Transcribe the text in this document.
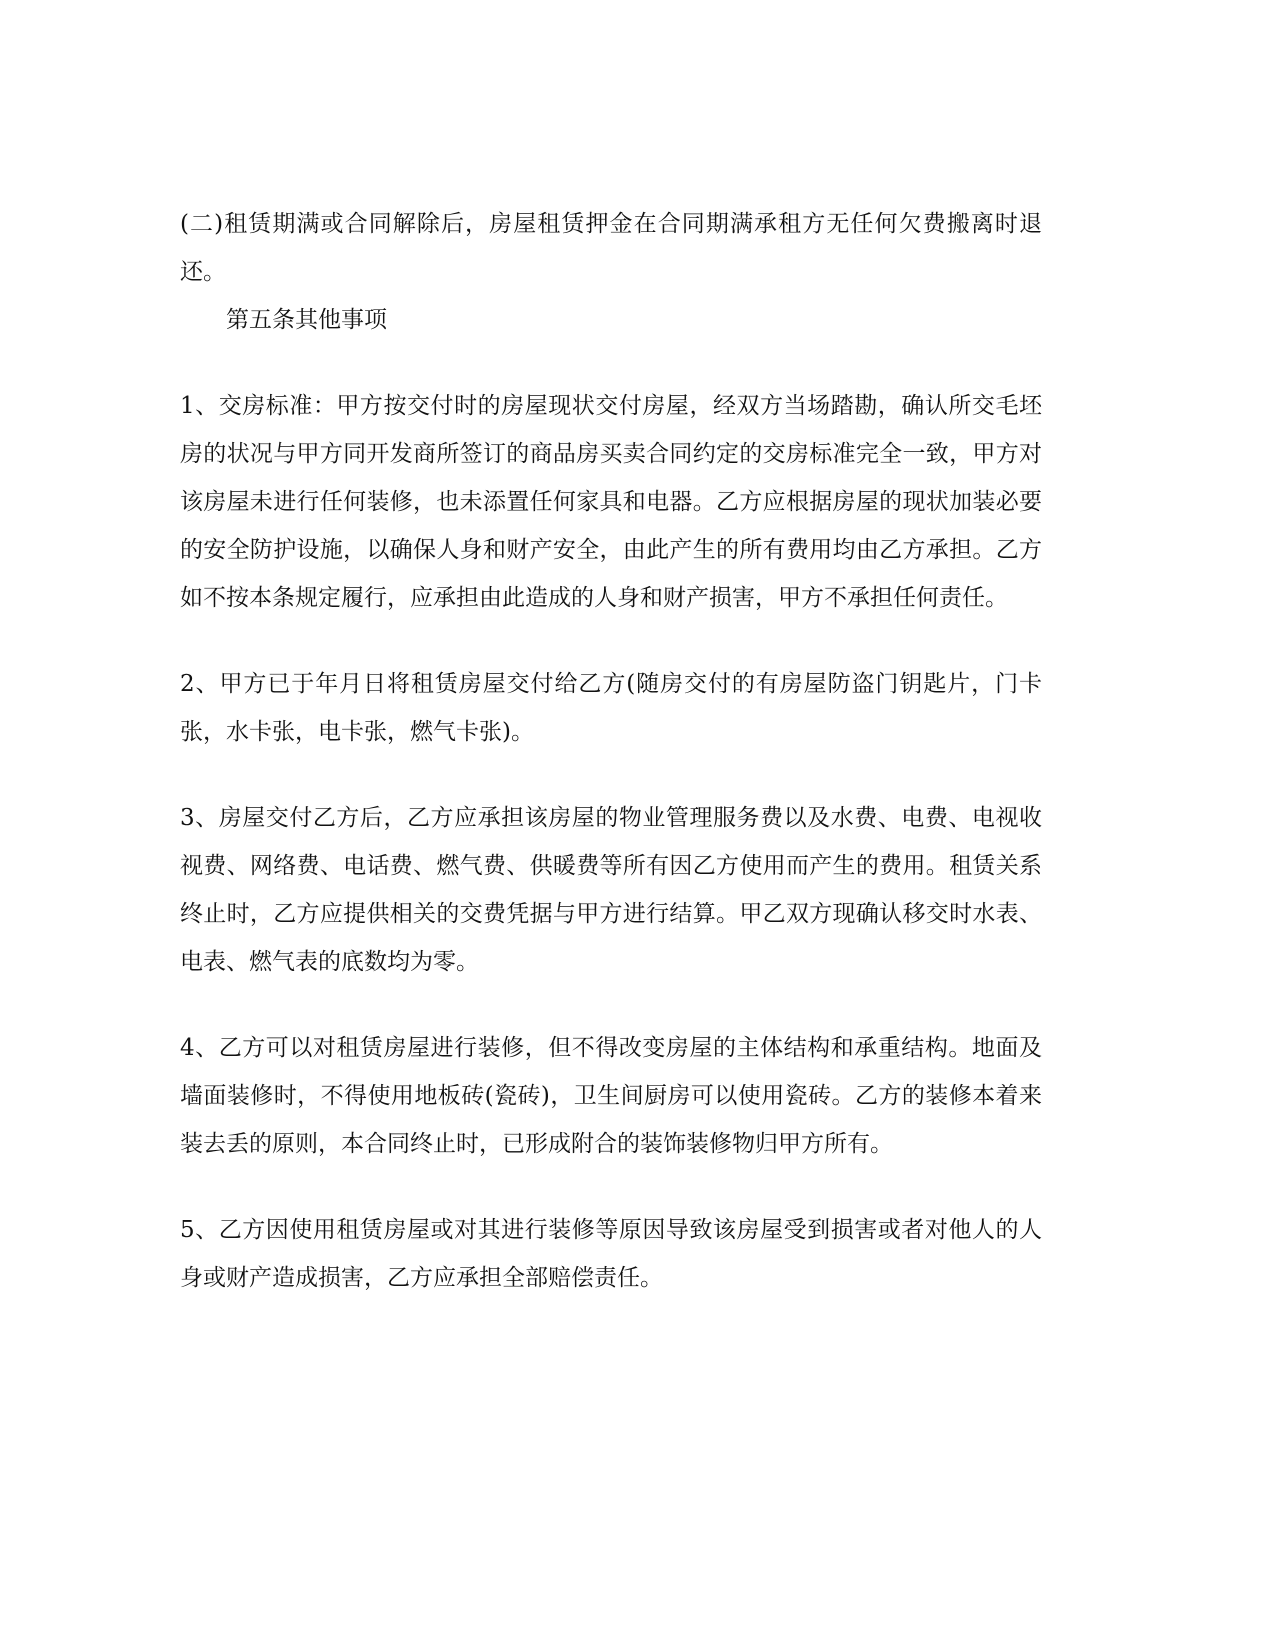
(二)租赁期满或合同解除后，房屋租赁押金在合同期满承租方无任何欠费搬离时退还。

第五条其他事项

1、交房标准：甲方按交付时的房屋现状交付房屋，经双方当场踏勘，确认所交毛坯房的状况与甲方同开发商所签订的商品房买卖合同约定的交房标准完全一致，甲方对该房屋未进行任何装修，也未添置任何家具和电器。乙方应根据房屋的现状加装必要的安全防护设施，以确保人身和财产安全，由此产生的所有费用均由乙方承担。乙方如不按本条规定履行，应承担由此造成的人身和财产损害，甲方不承担任何责任。

2、甲方已于年月日将租赁房屋交付给乙方(随房交付的有房屋防盗门钥匙片，门卡张，水卡张，电卡张，燃气卡张)。

3、房屋交付乙方后，乙方应承担该房屋的物业管理服务费以及水费、电费、电视收视费、网络费、电话费、燃气费、供暖费等所有因乙方使用而产生的费用。租赁关系终止时，乙方应提供相关的交费凭据与甲方进行结算。甲乙双方现确认移交时水表、电表、燃气表的底数均为零。

4、乙方可以对租赁房屋进行装修，但不得改变房屋的主体结构和承重结构。地面及墙面装修时，不得使用地板砖(瓷砖)，卫生间厨房可以使用瓷砖。乙方的装修本着来装去丢的原则，本合同终止时，已形成附合的装饰装修物归甲方所有。

5、乙方因使用租赁房屋或对其进行装修等原因导致该房屋受到损害或者对他人的人身或财产造成损害，乙方应承担全部赔偿责任。
